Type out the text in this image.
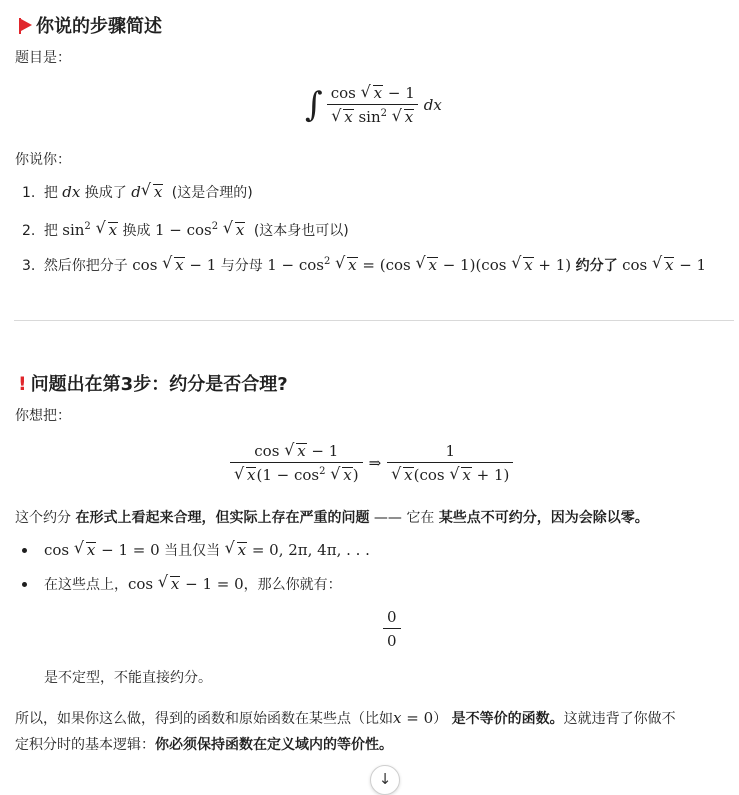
你说的步骤简述
题目是：
∫ cos √ x − 1
√ x $\sin^2$ √ x dx
你说你：
1. 把 dx 换成了 d √ x (这是合理的)
2. 把 $\sin^2$ √ x 换成 $1 - \cos^2$ √ x (这本身也可以)
3. 然后你把分子 cos √ x − 1 与分母 $1 - \cos^2$ √ x = (cos √ x − 1)(cos √ x + 1) 约分了 cos √ x − 1
! 问题出在第3步：约分是否合理?
你想把：
cos √ x − 1
√ $x(1 - \cos^2$ √ x) ⇒ 1
√ x(cos √ x + 1)
这个约分 在形式上看起来合理，但实际上存在严重的问题 —— 它在 某些点不可约分，因为会除以零。
cos √ x − 1 = 0 当且仅当 √ x = 0, 2π, 4π, . . .
在这些点上，cos √ x − 1 = 0，那么你就有：
$\frac{0}{0}$
是不定型，不能直接约分。
所以，如果你这么做，得到的函数和原始函数在某些点（比如x = 0） 是不等价的函数。这就违背了你做不
定积分时的基本逻辑：你必须保持函数在定义域内的等价性。
↓
